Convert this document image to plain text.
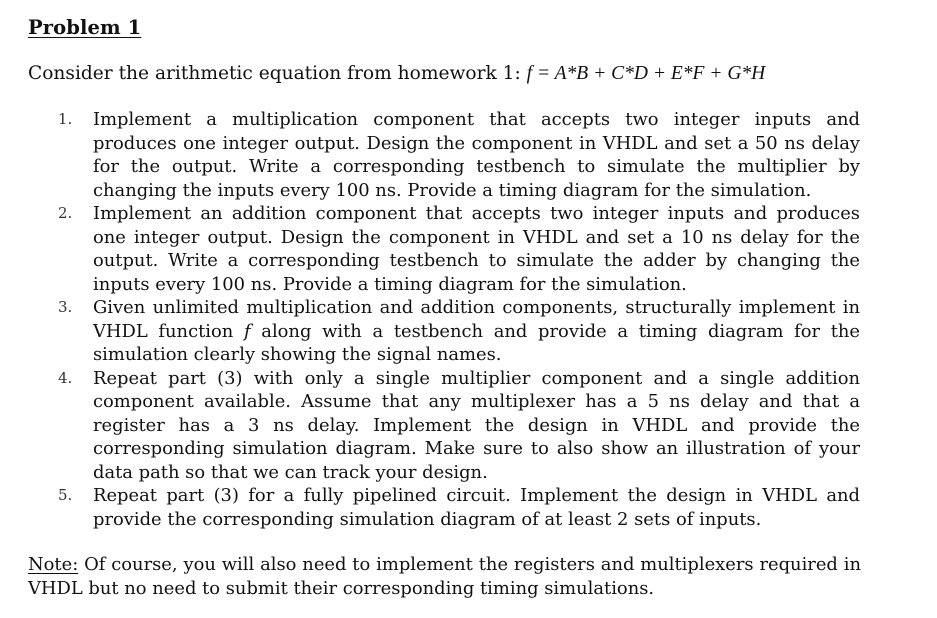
Problem 1
Consider the arithmetic equation from homework 1: f = A*B + C*D + E*F + G*H
1. Implement a multiplication component that accepts two integer inputs and produces one integer output. Design the component in VHDL and set a 50 ns delay for the output. Write a corresponding testbench to simulate the multiplier by changing the inputs every 100 ns. Provide a timing diagram for the simulation.
2. Implement an addition component that accepts two integer inputs and produces one integer output. Design the component in VHDL and set a 10 ns delay for the output. Write a corresponding testbench to simulate the adder by changing the inputs every 100 ns. Provide a timing diagram for the simulation.
3. Given unlimited multiplication and addition components, structurally implement in VHDL function f along with a testbench and provide a timing diagram for the simulation clearly showing the signal names.
4. Repeat part (3) with only a single multiplier component and a single addition component available. Assume that any multiplexer has a 5 ns delay and that a register has a 3 ns delay. Implement the design in VHDL and provide the corresponding simulation diagram. Make sure to also show an illustration of your data path so that we can track your design.
5. Repeat part (3) for a fully pipelined circuit. Implement the design in VHDL and provide the corresponding simulation diagram of at least 2 sets of inputs.
Note: Of course, you will also need to implement the registers and multiplexers required in VHDL but no need to submit their corresponding timing simulations.
